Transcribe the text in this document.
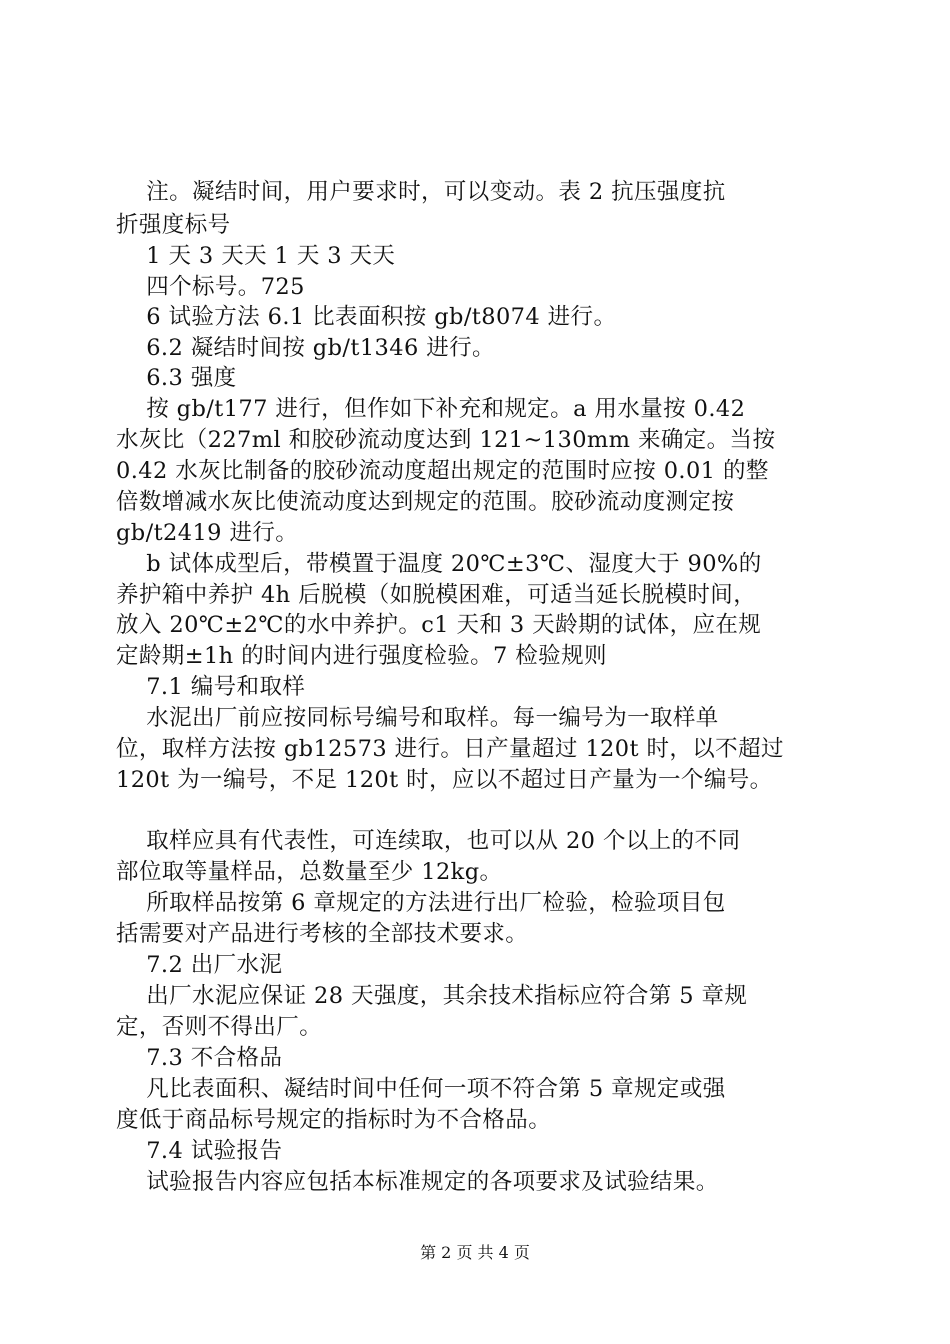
注。凝结时间，用户要求时，可以变动。表 2 抗压强度抗
折强度标号
1 天 3 天天 1 天 3 天天
四个标号。725
6 试验方法 6.1 比表面积按 gb/t8074 进行。
6.2 凝结时间按 gb/t1346 进行。
6.3 强度
按 gb/t177 进行，但作如下补充和规定。a 用水量按 0.42
水灰比（227ml 和胶砂流动度达到 121~130mm 来确定。当按
0.42 水灰比制备的胶砂流动度超出规定的范围时应按 0.01 的整
倍数增减水灰比使流动度达到规定的范围。胶砂流动度测定按
gb/t2419 进行。
b 试体成型后，带模置于温度 20℃±3℃、湿度大于 90%的
养护箱中养护 4h 后脱模（如脱模困难，可适当延长脱模时间，
放入 20℃±2℃的水中养护。c1 天和 3 天龄期的试体，应在规
定龄期±1h 的时间内进行强度检验。7 检验规则
7.1 编号和取样
水泥出厂前应按同标号编号和取样。每一编号为一取样单
位，取样方法按 gb12573 进行。日产量超过 120t 时，以不超过
120t 为一编号，不足 120t 时，应以不超过日产量为一个编号。
取样应具有代表性，可连续取，也可以从 20 个以上的不同
部位取等量样品，总数量至少 12kg。
所取样品按第 6 章规定的方法进行出厂检验，检验项目包
括需要对产品进行考核的全部技术要求。
7.2 出厂水泥
出厂水泥应保证 28 天强度，其余技术指标应符合第 5 章规
定，否则不得出厂。
7.3 不合格品
凡比表面积、凝结时间中任何一项不符合第 5 章规定或强
度低于商品标号规定的指标时为不合格品。
7.4 试验报告
试验报告内容应包括本标准规定的各项要求及试验结果。
第 2 页 共 4 页
